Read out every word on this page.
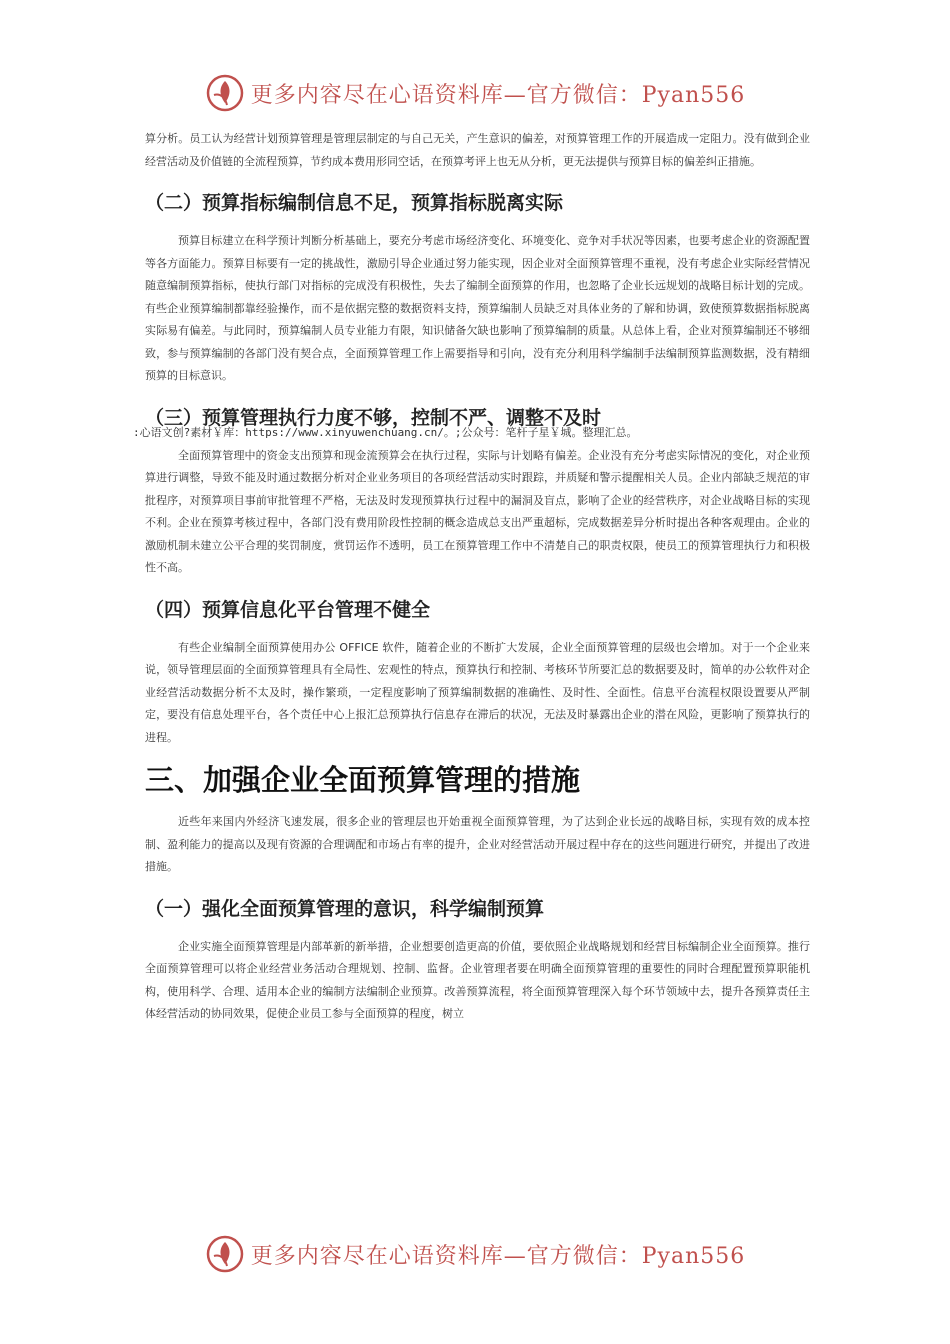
更多内容尽在心语资料库—官方微信：Pyan556
:心语文创?素材￥库：https://www.xinyuwenchuang.cn/。;公众号：笔杆子星￥城。整理汇总。

算分析。员工认为经营计划预算管理是管理层制定的与自己无关，产生意识的偏差，对预算管理工作的开展造成一定阻力。没有做到企业经营活动及价值链的全流程预算，节约成本费用形同空话，在预算考评上也无从分析，更无法提供与预算目标的偏差纠正措施。

（二）预算指标编制信息不足，预算指标脱离实际

预算目标建立在科学预计判断分析基础上，要充分考虑市场经济变化、环境变化、竞争对手状况等因素，也要考虑企业的资源配置等各方面能力。预算目标要有一定的挑战性，激励引导企业通过努力能实现，因企业对全面预算管理不重视，没有考虑企业实际经营情况随意编制预算指标，使执行部门对指标的完成没有积极性，失去了编制全面预算的作用，也忽略了企业长远规划的战略目标计划的完成。有些企业预算编制都靠经验操作，而不是依据完整的数据资料支持，预算编制人员缺乏对具体业务的了解和协调，致使预算数据指标脱离实际易有偏差。与此同时，预算编制人员专业能力有限，知识储备欠缺也影响了预算编制的质量。从总体上看，企业对预算编制还不够细致，参与预算编制的各部门没有契合点，全面预算管理工作上需要指导和引向，没有充分利用科学编制手法编制预算监测数据，没有精细预算的目标意识。

（三）预算管理执行力度不够，控制不严、调整不及时

全面预算管理中的资金支出预算和现金流预算会在执行过程，实际与计划略有偏差。企业没有充分考虑实际情况的变化，对企业预算进行调整，导致不能及时通过数据分析对企业业务项目的各项经营活动实时跟踪，并质疑和警示提醒相关人员。企业内部缺乏规范的审批程序，对预算项目事前审批管理不严格，无法及时发现预算执行过程中的漏洞及盲点，影响了企业的经营秩序，对企业战略目标的实现不利。企业在预算考核过程中，各部门没有费用阶段性控制的概念造成总支出严重超标，完成数据差异分析时提出各种客观理由。企业的激励机制未建立公平合理的奖罚制度，赏罚运作不透明，员工在预算管理工作中不清楚自己的职责权限，使员工的预算管理执行力和积极性不高。

（四）预算信息化平台管理不健全

有些企业编制全面预算使用办公 OFFICE 软件，随着企业的不断扩大发展，企业全面预算管理的层级也会增加。对于一个企业来说，领导管理层面的全面预算管理具有全局性、宏观性的特点，预算执行和控制、考核环节所要汇总的数据要及时，简单的办公软件对企业经营活动数据分析不太及时，操作繁琐，一定程度影响了预算编制数据的准确性、及时性、全面性。信息平台流程权限设置要从严制定，要没有信息处理平台，各个责任中心上报汇总预算执行信息存在滞后的状况，无法及时暴露出企业的潜在风险，更影响了预算执行的进程。

三、加强企业全面预算管理的措施

近些年来国内外经济飞速发展，很多企业的管理层也开始重视全面预算管理，为了达到企业长远的战略目标，实现有效的成本控制、盈利能力的提高以及现有资源的合理调配和市场占有率的提升，企业对经营活动开展过程中存在的这些问题进行研究，并提出了改进措施。

（一）强化全面预算管理的意识，科学编制预算

企业实施全面预算管理是内部革新的新举措，企业想要创造更高的价值，要依照企业战略规划和经营目标编制企业全面预算。推行全面预算管理可以将企业经营业务活动合理规划、控制、监督。企业管理者要在明确全面预算管理的重要性的同时合理配置预算职能机构，使用科学、合理、适用本企业的编制方法编制企业预算。改善预算流程，将全面预算管理深入每个环节领域中去，提升各预算责任主体经营活动的协同效果，促使企业员工参与全面预算的程度，树立

更多内容尽在心语资料库—官方微信：Pyan556
